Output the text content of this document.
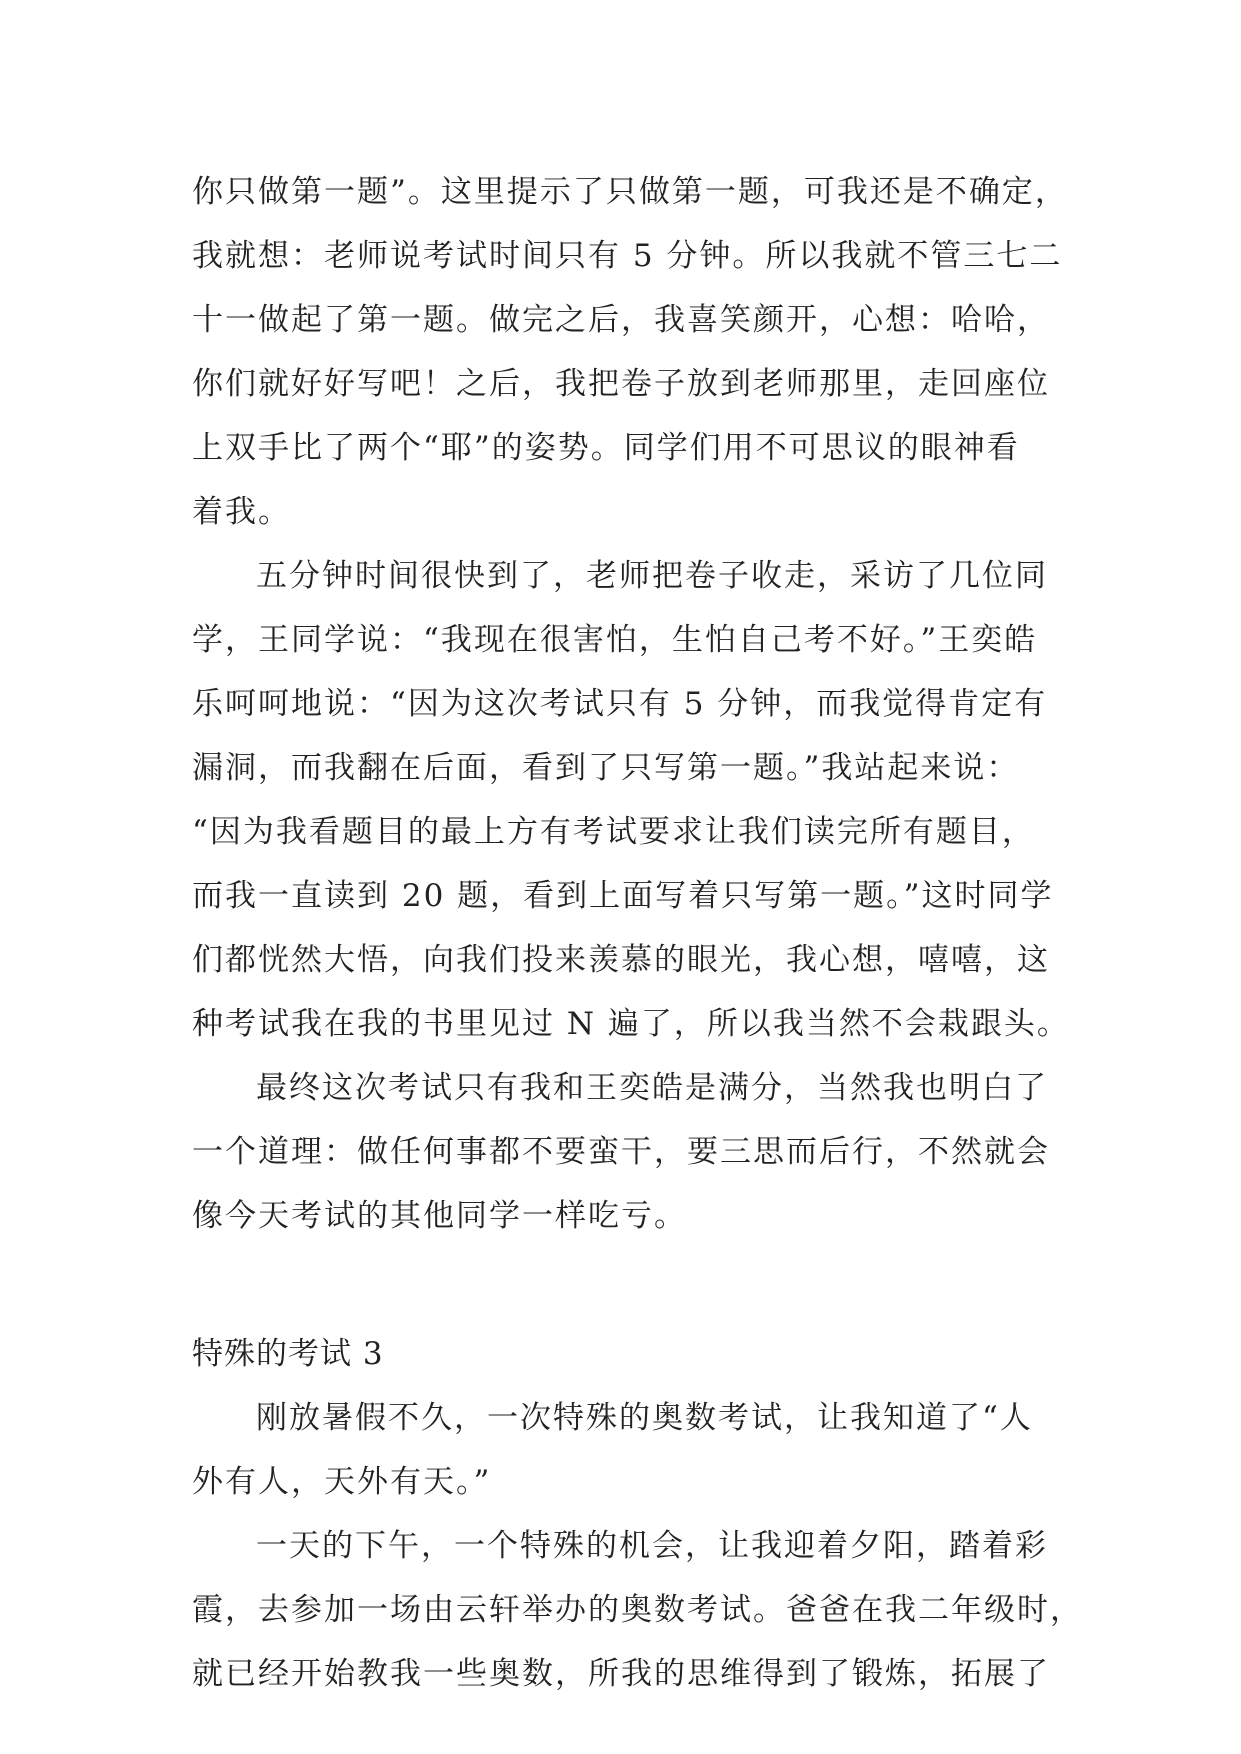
你只做第一题”。这里提示了只做第一题，可我还是不确定，
我就想：老师说考试时间只有 5 分钟。所以我就不管三七二
十一做起了第一题。做完之后，我喜笑颜开，心想：哈哈，
你们就好好写吧！之后，我把卷子放到老师那里，走回座位
上双手比了两个“耶”的姿势。同学们用不可思议的眼神看
着我。
五分钟时间很快到了，老师把卷子收走，采访了几位同
学，王同学说：“我现在很害怕，生怕自己考不好。”王奕皓
乐呵呵地说：“因为这次考试只有 5 分钟，而我觉得肯定有
漏洞，而我翻在后面，看到了只写第一题。”我站起来说：
“因为我看题目的最上方有考试要求让我们读完所有题目，
而我一直读到 20 题，看到上面写着只写第一题。”这时同学
们都恍然大悟，向我们投来羡慕的眼光，我心想，嘻嘻，这
种考试我在我的书里见过 N 遍了，所以我当然不会栽跟头。
最终这次考试只有我和王奕皓是满分，当然我也明白了
一个道理：做任何事都不要蛮干，要三思而后行，不然就会
像今天考试的其他同学一样吃亏。
特殊的考试 3
刚放暑假不久，一次特殊的奥数考试，让我知道了“人
外有人，天外有天。”
一天的下午，一个特殊的机会，让我迎着夕阳，踏着彩
霞，去参加一场由云轩举办的奥数考试。爸爸在我二年级时，
就已经开始教我一些奥数，所我的思维得到了锻炼，拓展了
